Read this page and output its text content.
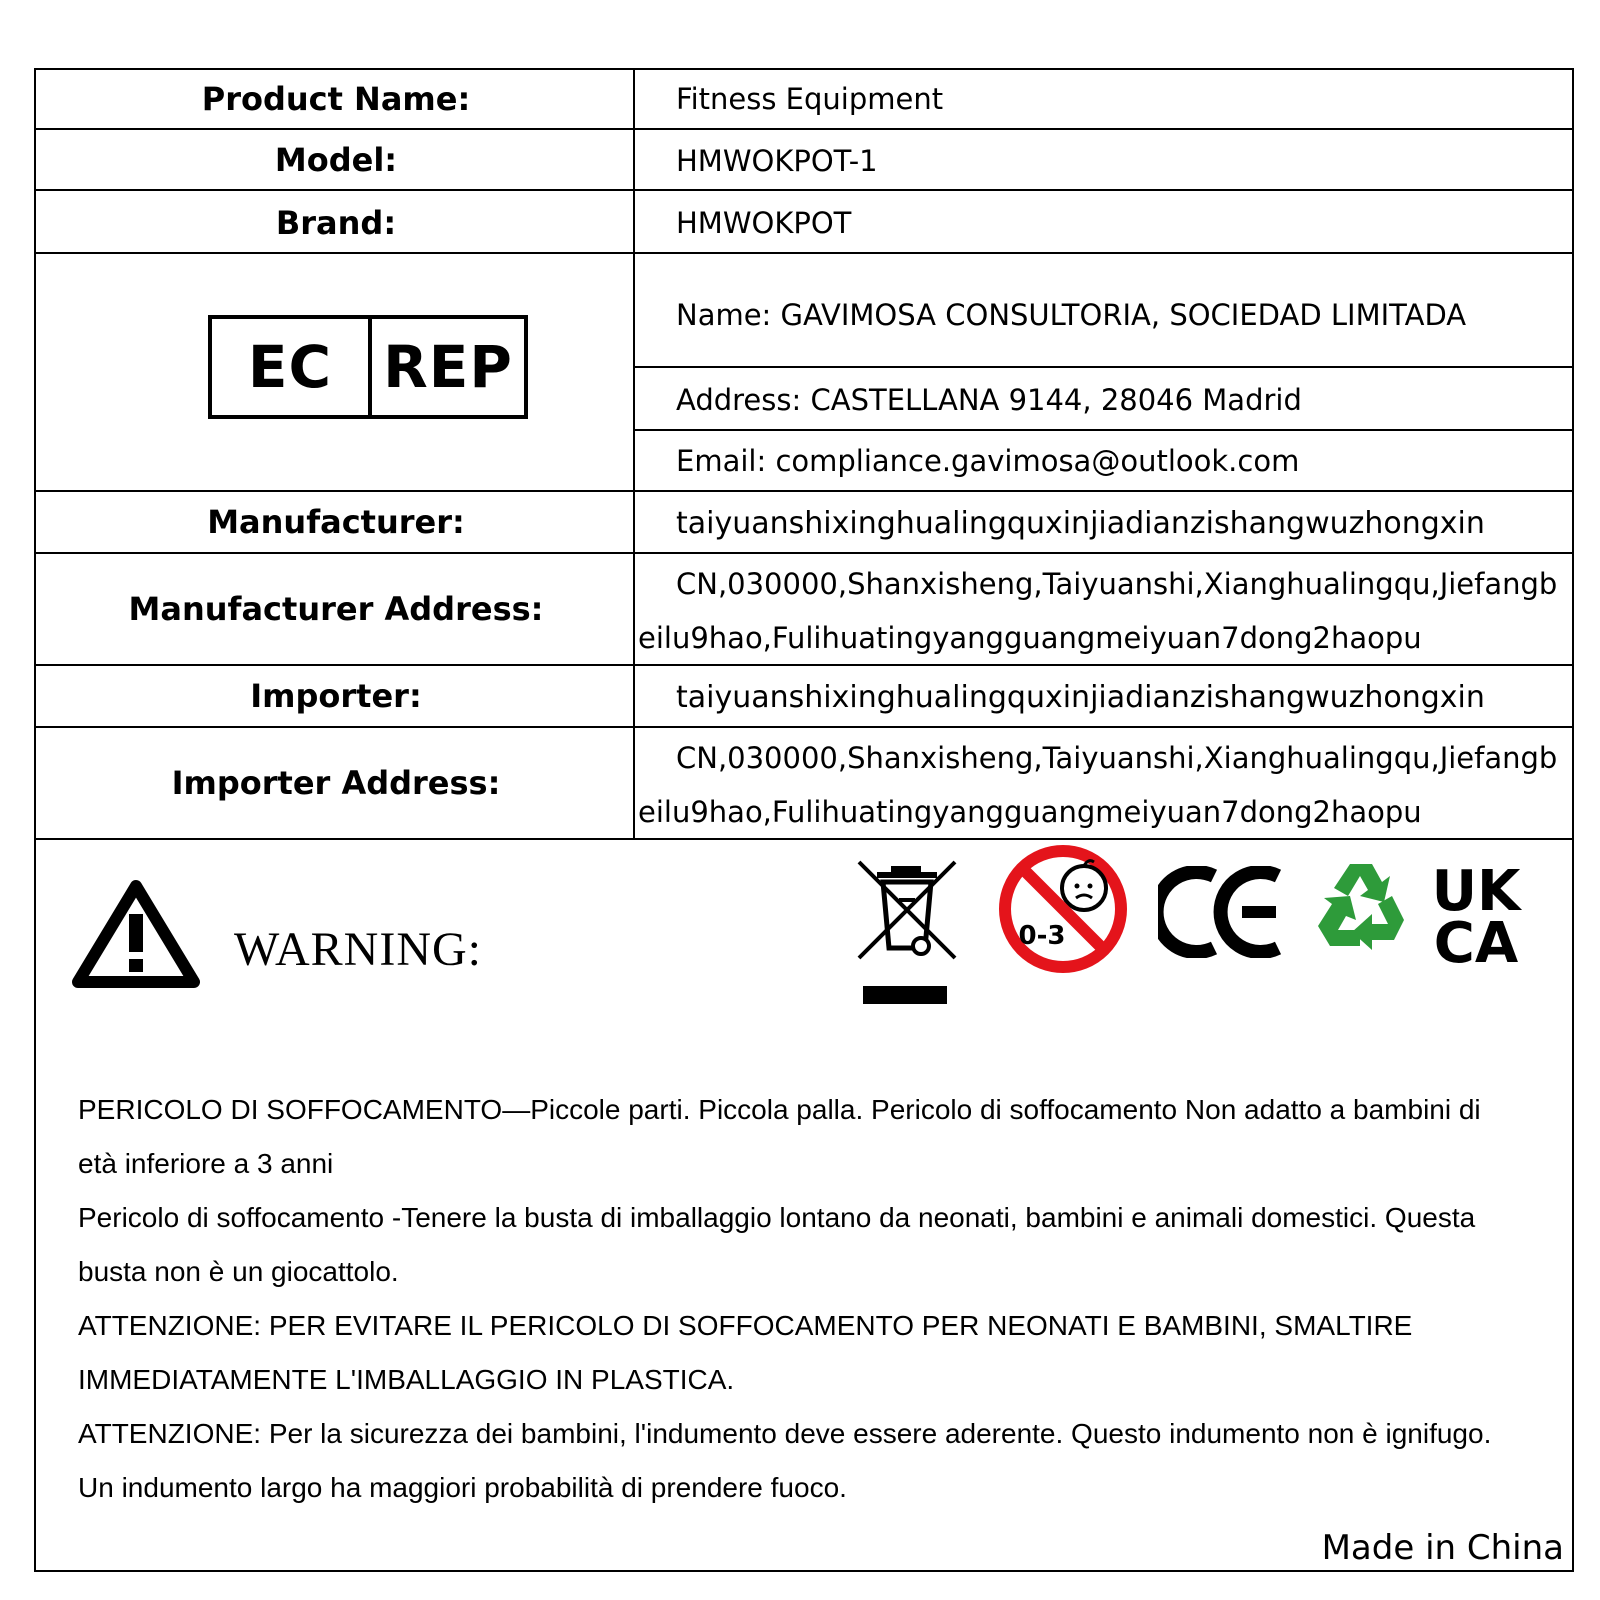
Product Name:
Model:
Brand:
Manufacturer:
Manufacturer Address:
Importer:
Importer Address:
Fitness Equipment
HMWOKPOT-1
HMWOKPOT
Name: GAVIMOSA CONSULTORIA, SOCIEDAD LIMITADA
Address: CASTELLANA 9144, 28046 Madrid
Email: compliance.gavimosa@outlook.com
taiyuanshixinghualingquxinjiadianzishangwuzhongxin
CN,030000,Shanxisheng,Taiyuanshi,Xianghualingqu,Jiefangbeilu9hao,Fulihuatingyangguangmeiyuan7dong2haopu
taiyuanshixinghualingquxinjiadianzishangwuzhongxin
CN,030000,Shanxisheng,Taiyuanshi,Xianghualingqu,Jiefangbeilu9hao,Fulihuatingyangguangmeiyuan7dong2haopu
EC REP
WARNING:	0-3
UK
CA

PERICOLO DI SOFFOCAMENTO—Piccole parti. Piccola palla. Pericolo di soffocamento Non adatto a bambini di età inferiore a 3 anni

Pericolo di soffocamento -Tenere la busta di imballaggio lontano da neonati, bambini e animali domestici. Questa busta non è un giocattolo.

ATTENZIONE: PER EVITARE IL PERICOLO DI SOFFOCAMENTO PER NEONATI E BAMBINI, SMALTIRE IMMEDIATAMENTE L'IMBALLAGGIO IN PLASTICA.

ATTENZIONE: Per la sicurezza dei bambini, l'indumento deve essere aderente. Questo indumento non è ignifugo. Un indumento largo ha maggiori probabilità di prendere fuoco.

Made in China
